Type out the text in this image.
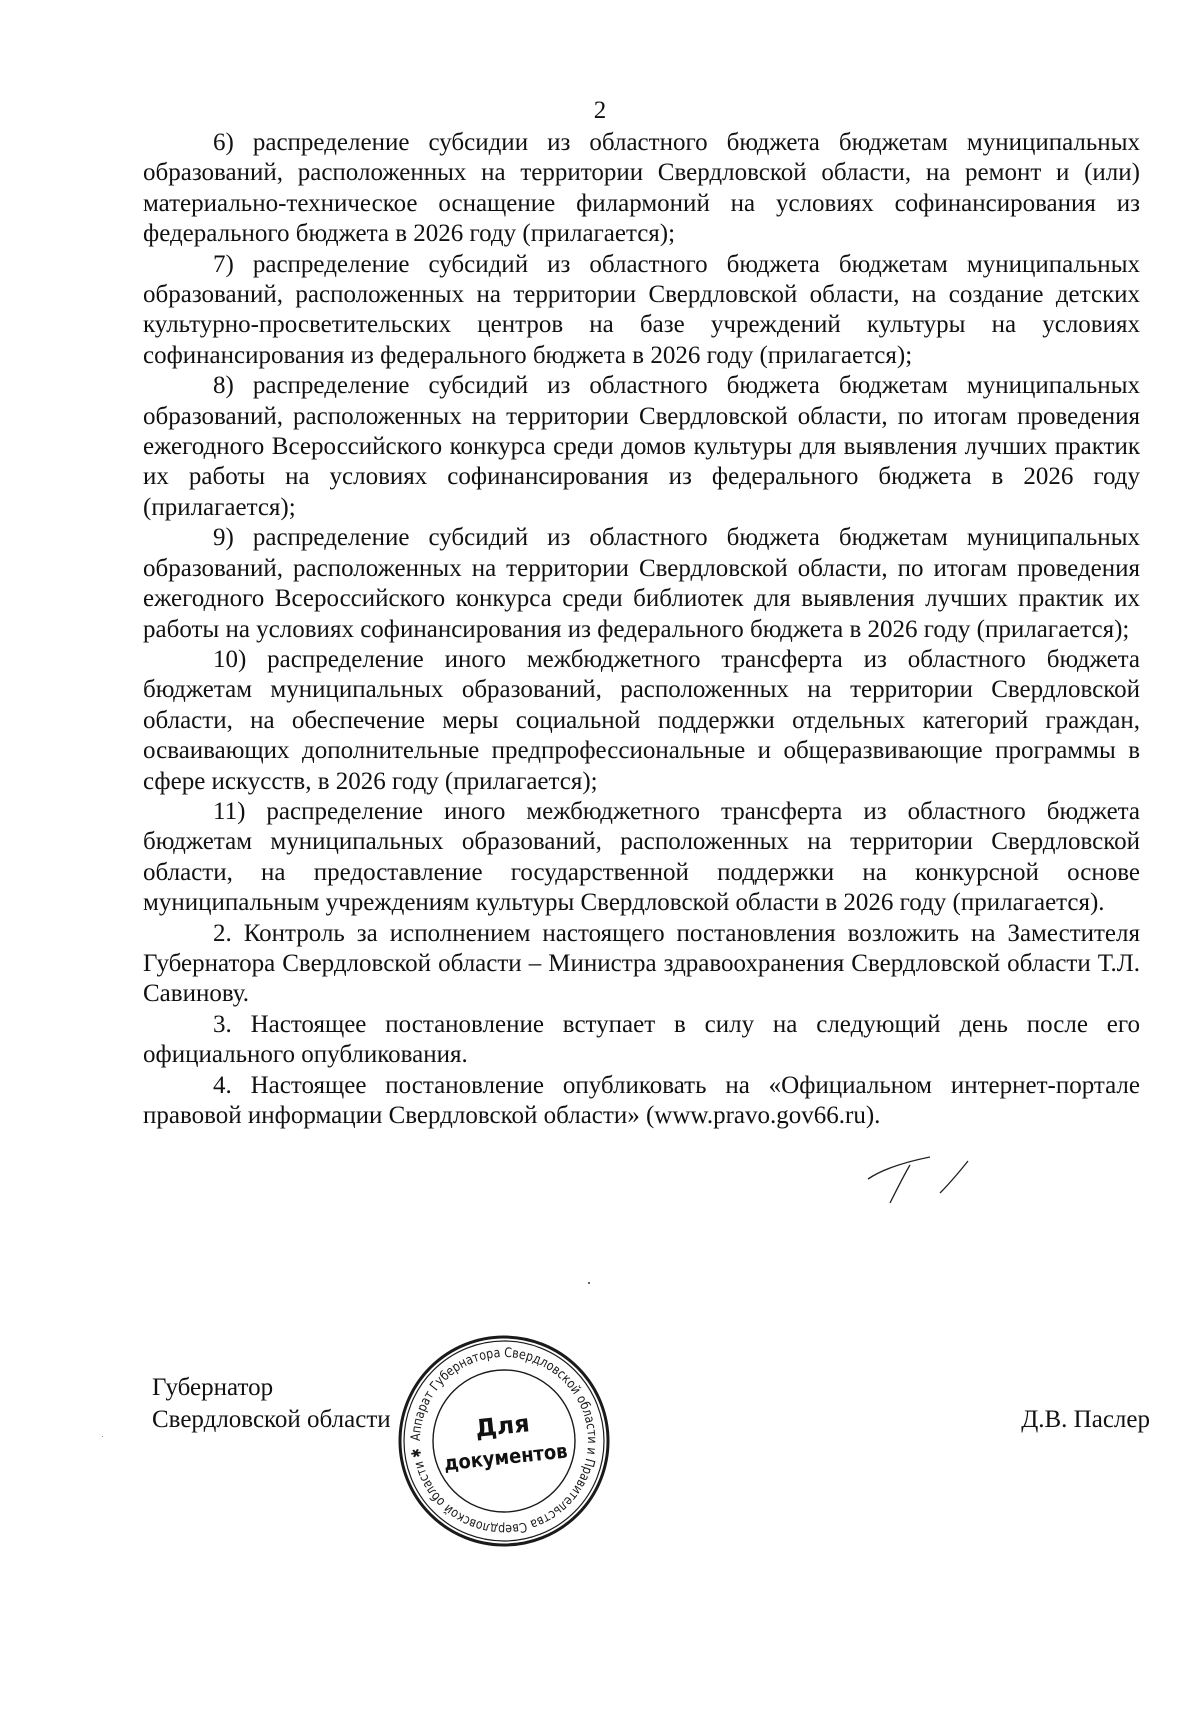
2

6) распределение субсидии из областного бюджета бюджетам муниципальных образований, расположенных на территории Свердловской области, на ремонт и (или) материально-техническое оснащение филармоний на условиях софинансирования из федерального бюджета в 2026 году (прилагается);

7) распределение субсидий из областного бюджета бюджетам муниципальных образований, расположенных на территории Свердловской области, на создание детских культурно-просветительских центров на базе учреждений культуры на условиях софинансирования из федерального бюджета в 2026 году (прилагается);

8) распределение субсидий из областного бюджета бюджетам муниципальных образований, расположенных на территории Свердловской области, по итогам проведения ежегодного Всероссийского конкурса среди домов культуры для выявления лучших практик их работы на условиях софинансирования из федерального бюджета в 2026 году (прилагается);

9) распределение субсидий из областного бюджета бюджетам муниципальных образований, расположенных на территории Свердловской области, по итогам проведения ежегодного Всероссийского конкурса среди библиотек для выявления лучших практик их работы на условиях софинансирования из федерального бюджета в 2026 году (прилагается);

10) распределение иного межбюджетного трансферта из областного бюджета бюджетам муниципальных образований, расположенных на территории Свердловской области, на обеспечение меры социальной поддержки отдельных категорий граждан, осваивающих дополнительные предпрофессиональные и общеразвивающие программы в сфере искусств, в 2026 году (прилагается);

11) распределение иного межбюджетного трансферта из областного бюджета бюджетам муниципальных образований, расположенных на территории Свердловской области, на предоставление государственной поддержки на конкурсной основе муниципальным учреждениям культуры Свердловской области в 2026 году (прилагается).

2. Контроль за исполнением настоящего постановления возложить на Заместителя Губернатора Свердловской области – Министра здравоохранения Свердловской области Т.Л. Савинову.

3. Настоящее постановление вступает в силу на следующий день после его официального опубликования.

4. Настоящее постановление опубликовать на «Официальном интернет-портале правовой информации Свердловской области» (www.pravo.gov66.ru).

Губернатор
Свердловской области	Д.В. Паслер
Аппарат Губернатора Свердловской области и Правительства Свердловской области ✱
Для
документов
